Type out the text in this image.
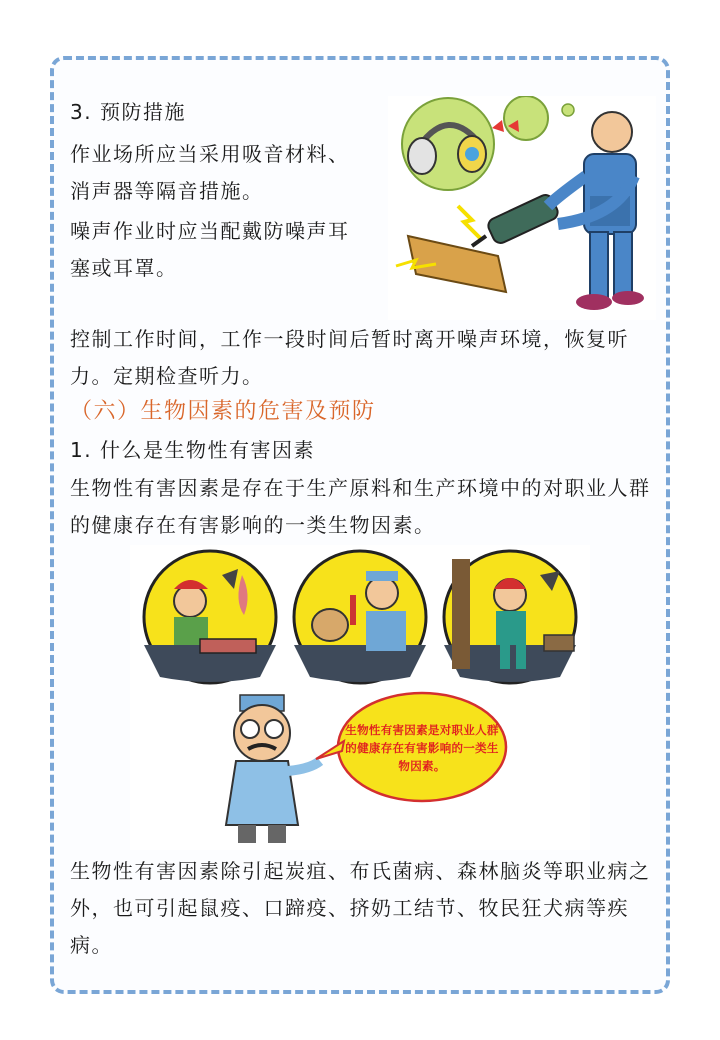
3. 预防措施

作业场所应当采用吸音材料、消声器等隔音措施。

噪声作业时应当配戴防噪声耳塞或耳罩。

控制工作时间，工作一段时间后暂时离开噪声环境，恢复听力。定期检查听力。

（六）生物因素的危害及预防

1. 什么是生物性有害因素

生物性有害因素是存在于生产原料和生产环境中的对职业人群的健康存在有害影响的一类生物因素。

生物性有害因素是对职业人群的健康存在有害影响的一类生物因素。

生物性有害因素除引起炭疽、布氏菌病、森林脑炎等职业病之外，也可引起鼠疫、口蹄疫、挤奶工结节、牧民狂犬病等疾病。
